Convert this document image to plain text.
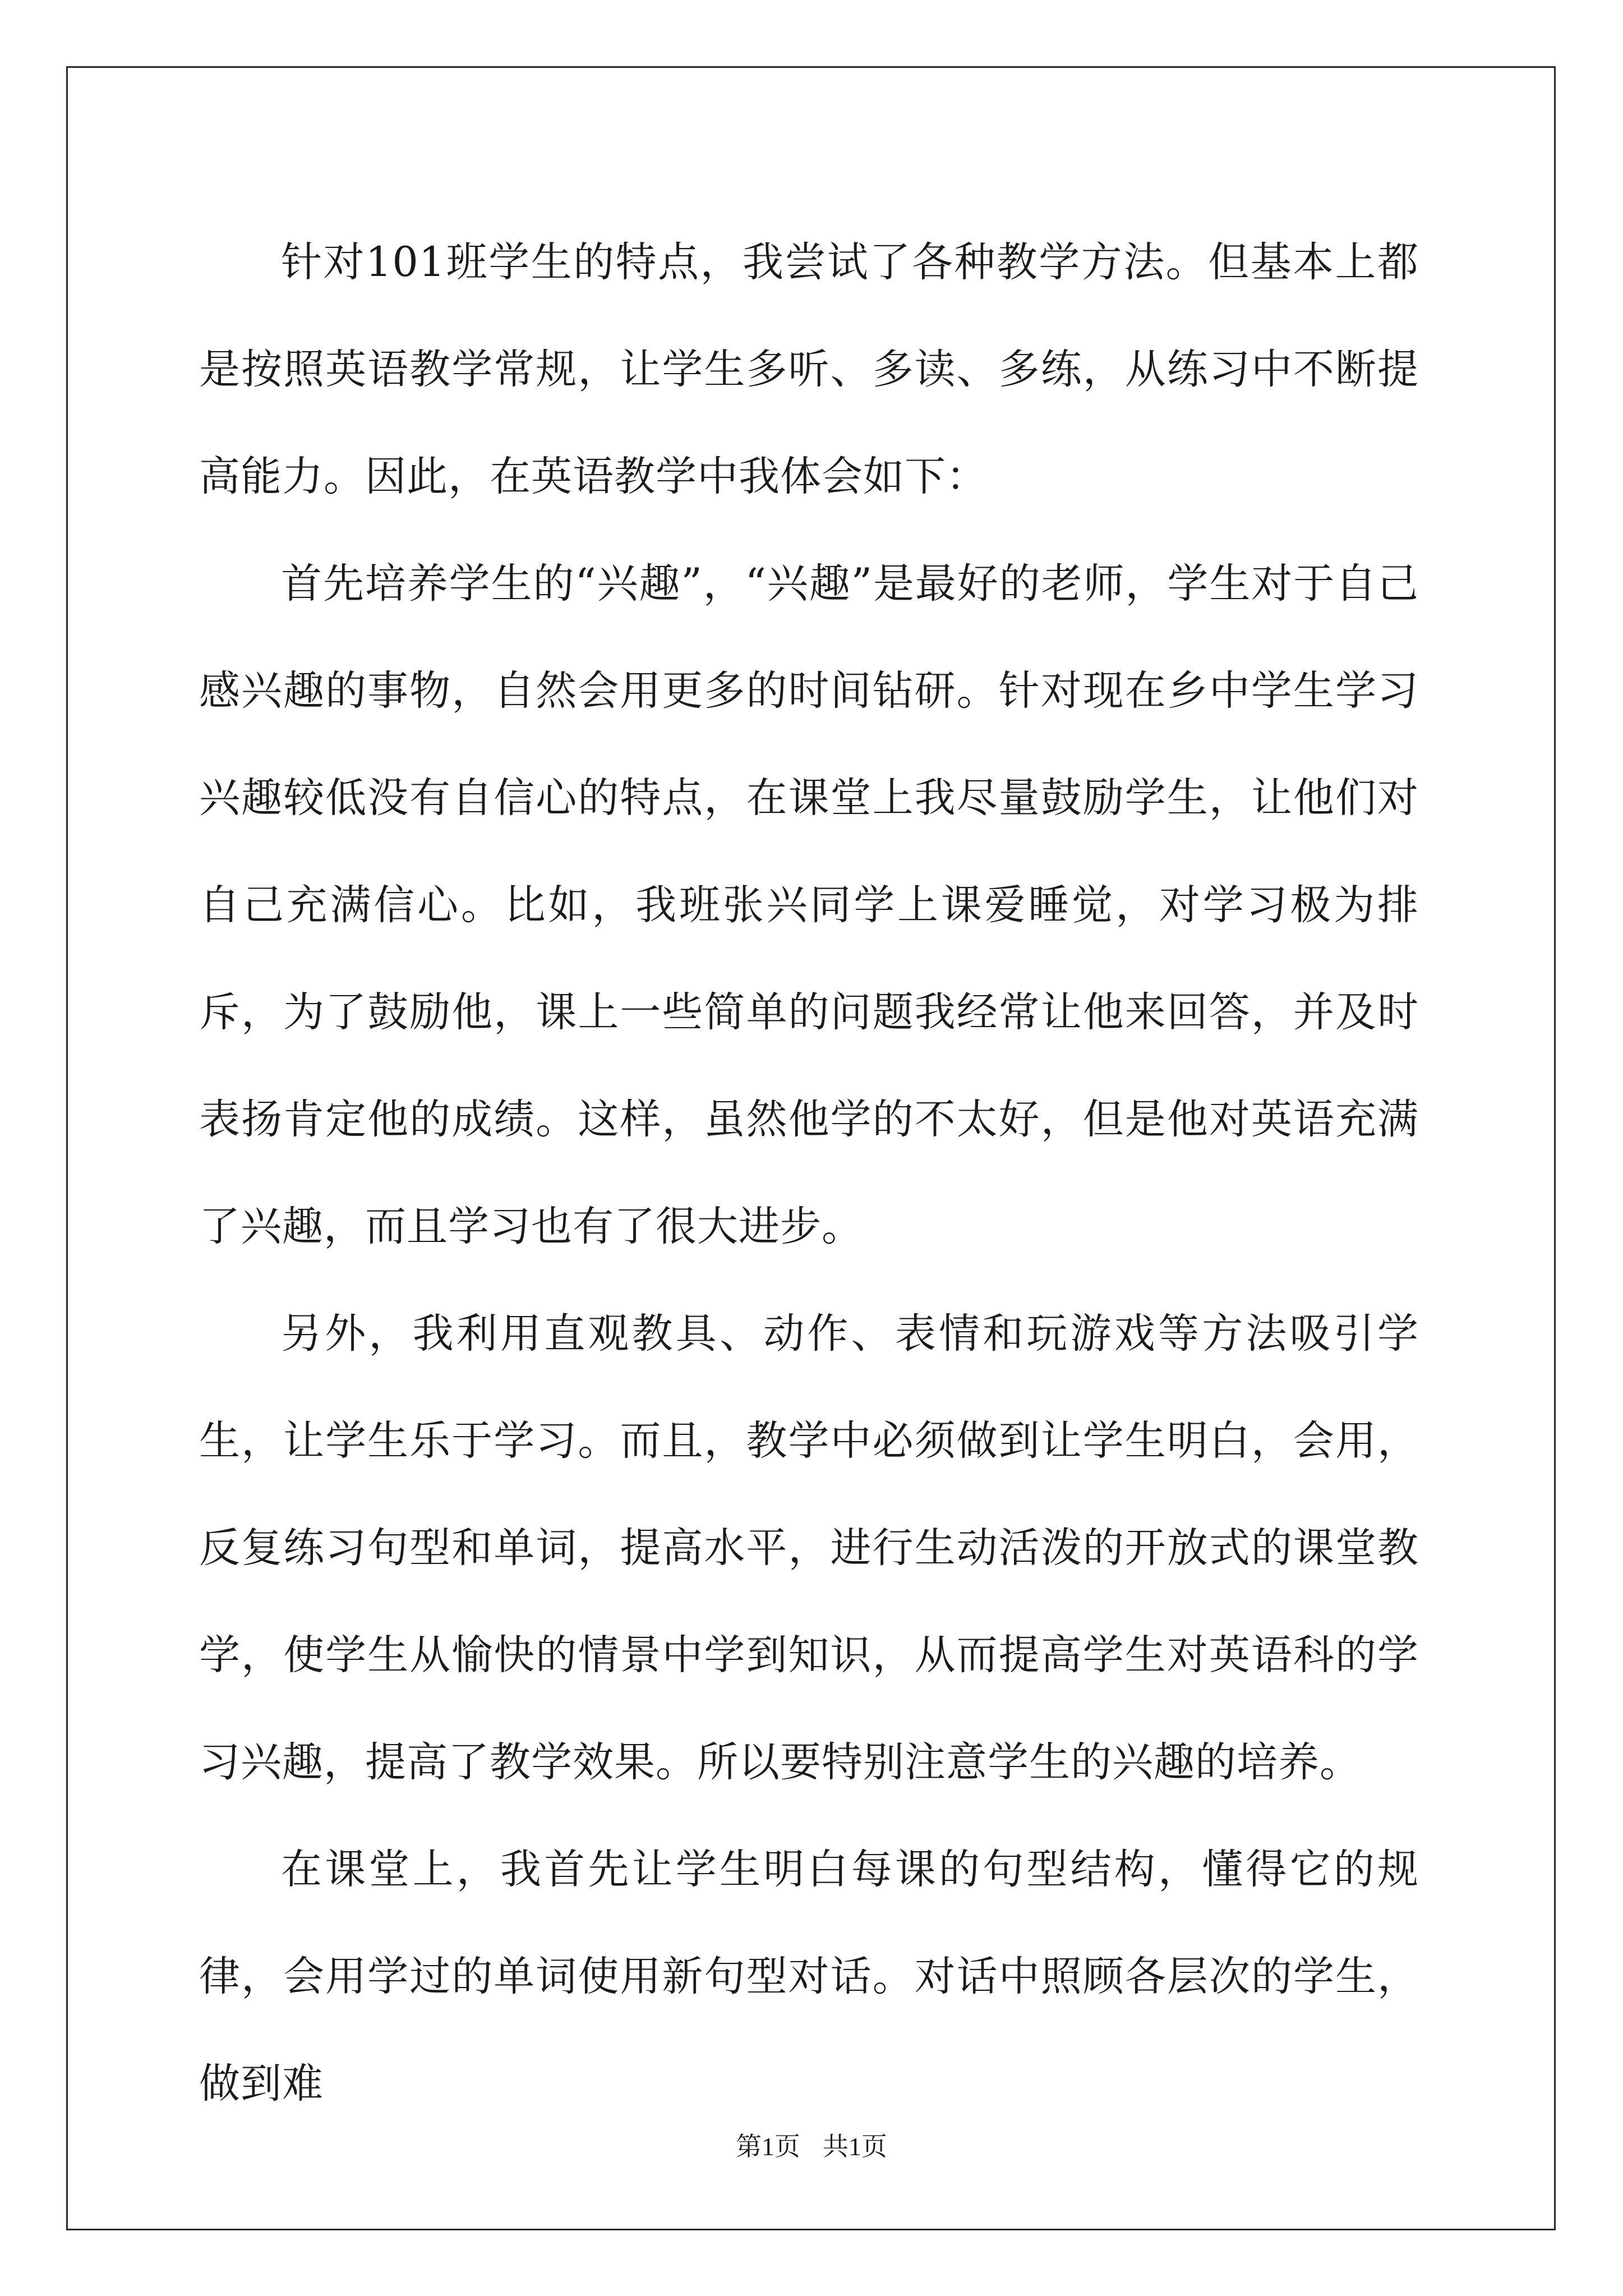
针对101班学生的特点，我尝试了各种教学方法。但基本上都是按照英语教学常规，让学生多听、多读、多练，从练习中不断提高能力。因此，在英语教学中我体会如下：

首先培养学生的“兴趣”，“兴趣”是最好的老师，学生对于自己感兴趣的事物，自然会用更多的时间钻研。针对现在乡中学生学习兴趣较低没有自信心的特点，在课堂上我尽量鼓励学生，让他们对自己充满信心。比如，我班张兴同学上课爱睡觉，对学习极为排斥，为了鼓励他，课上一些简单的问题我经常让他来回答，并及时表扬肯定他的成绩。这样，虽然他学的不太好，但是他对英语充满了兴趣，而且学习也有了很大进步。

另外，我利用直观教具、动作、表情和玩游戏等方法吸引学生，让学生乐于学习。而且，教学中必须做到让学生明白，会用，反复练习句型和单词，提高水平，进行生动活泼的开放式的课堂教学，使学生从愉快的情景中学到知识，从而提高学生对英语科的学习兴趣，提高了教学效果。所以要特别注意学生的兴趣的培养。

在课堂上，我首先让学生明白每课的句型结构，懂得它的规律，会用学过的单词使用新句型对话。对话中照顾各层次的学生，做到难

第1页 共1页
